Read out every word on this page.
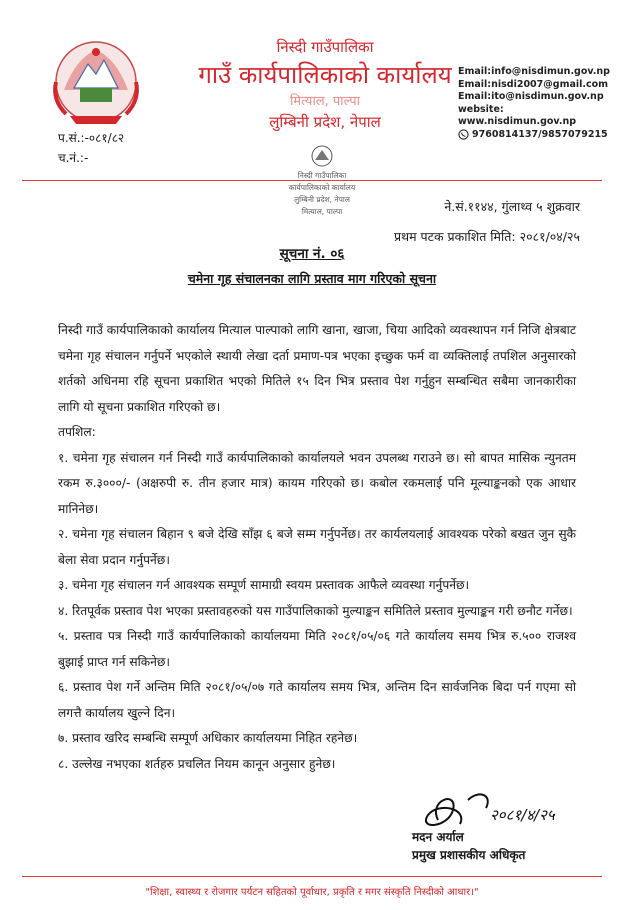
निस्दी गाउँपालिका
गाउँ कार्यपालिकाको कार्यालय
मित्याल, पाल्पा
लुम्बिनी प्रदेश, नेपाल
Email:info@nisdimun.gov.np
Email:nisdi2007@gmail.com
Email:ito@nisdimun.gov.np
website:
www.nisdimun.gov.np
9760814137/9857079215
प.सं.:-०८१/८२
च.नं.:-
निस्दी गाउँपालिका
कार्यपालिकाको कार्यालय
लुम्बिनी प्रदेश, नेपाल
मित्याल, पाल्पा	ने.सं.११४४, गुंलाथ्व ५ शुक्रवार
प्रथम पटक प्रकाशित मिति: २०८१/०४/२५
सूचना नं. ०६
चमेना गृह संचालनका लागि प्रस्ताव माग गरिएको सूचना

निस्दी गाउँ कार्यपालिकाको कार्यालय मित्याल पाल्पाको लागि खाना, खाजा, चिया आदिको व्यवस्थापन गर्न निजि क्षेत्रबाट चमेना गृह संचालन गर्नुपर्ने भएकोले स्थायी लेखा दर्ता प्रमाण-पत्र भएका इच्छुक फर्म वा व्यक्तिलाई तपशिल अनुसारको शर्तको अधिनमा रहि सूचना प्रकाशित भएको मितिले १५ दिन भित्र प्रस्ताव पेश गर्नुहुन सम्बन्धित सबैमा जानकारीका लागि यो सूचना प्रकाशित गरिएको छ।

तपशिल:

१. चमेना गृह संचालन गर्न निस्दी गाउँ कार्यपालिकाको कार्यालयले भवन उपलब्ध गराउने छ। सो बापत मासिक न्युनतम रकम रु.३०००/- (अक्षरुपी रु. तीन हजार मात्र) कायम गरिएको छ। कबोल रकमलाई पनि मूल्याङ्कनको एक आधार मानिनेछ।
२. चमेना गृह संचालन बिहान ९ बजे देखि साँझ ६ बजे सम्म गर्नुपर्नेछ। तर कार्यलयलाई आवश्यक परेको बखत जुन सुकै बेला सेवा प्रदान गर्नुपर्नेछ।
३. चमेना गृह संचालन गर्न आवश्यक सम्पूर्ण सामाग्री स्वयम प्रस्तावक आफैले व्यवस्था गर्नुपर्नेछ।
४. रितपूर्वक प्रस्ताव पेश भएका प्रस्तावहरुको यस गाउँपालिकाको मुल्याङ्कन समितिले प्रस्ताव मुल्याङ्कन गरी छनौट गर्नेछ।
५. प्रस्ताव पत्र निस्दी गाउँ कार्यपालिकाको कार्यालयमा मिति २०८१/०५/०६ गते कार्यालय समय भित्र रु.५०० राजश्व बुझाई प्राप्त गर्न सकिनेछ।
६. प्रस्ताव पेश गर्ने अन्तिम मिति २०८१/०५/०७ गते कार्यालय समय भित्र, अन्तिम दिन सार्वजनिक बिदा पर्न गएमा सो लगत्तै कार्यालय खुल्ने दिन।
७. प्रस्ताव खरिद सम्बन्धि सम्पूर्ण अधिकार कार्यालयमा निहित रहनेछ।
८. उल्लेख नभएका शर्तहरु प्रचलित नियम कानून अनुसार हुनेछ।
२०८१/४/२५
मदन अर्याल
प्रमुख प्रशासकीय अधिकृत
"शिक्षा, स्वास्थ्य र रोजगार पर्यटन सहितको पूर्वाधार, प्रकृति र मगर संस्कृति निस्दीको आधार।"
